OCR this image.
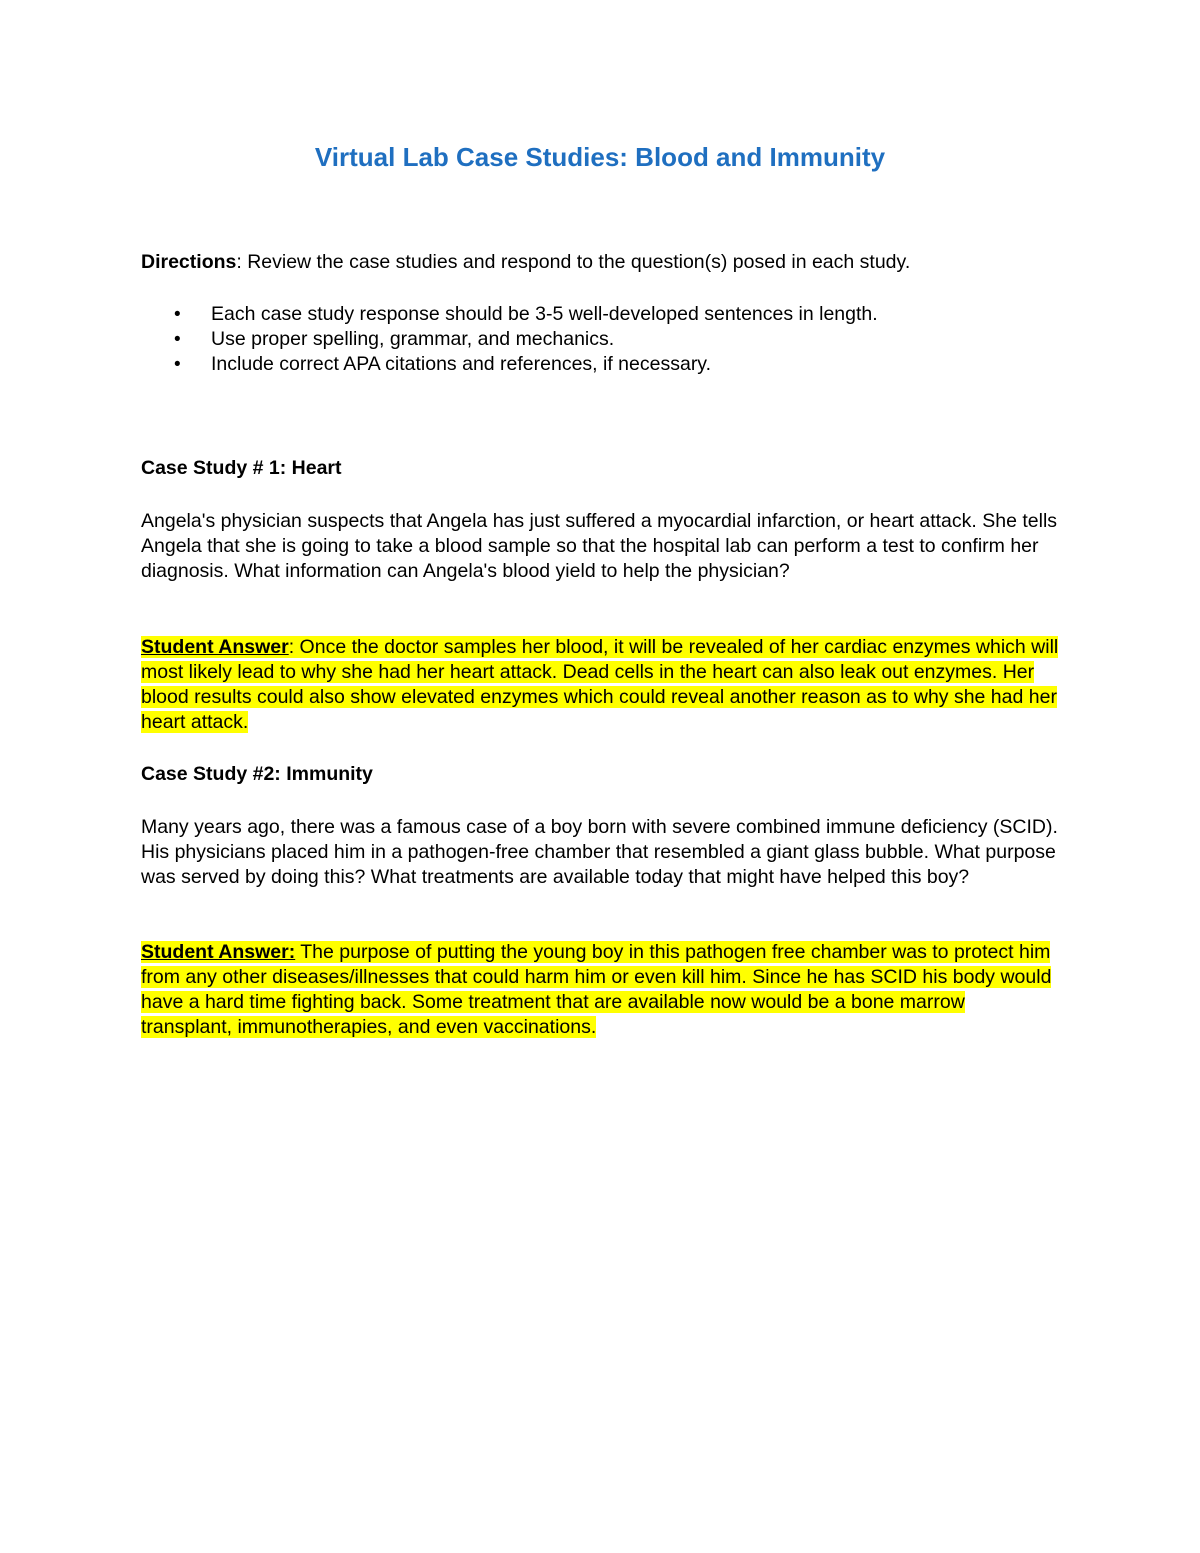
Virtual Lab Case Studies: Blood and Immunity

Directions: Review the case studies and respond to the question(s) posed in each study.

• Each case study response should be 3-5 well-developed sentences in length.
• Use proper spelling, grammar, and mechanics.
• Include correct APA citations and references, if necessary.

Case Study # 1: Heart

Angela's physician suspects that Angela has just suffered a myocardial infarction, or heart attack. She tells Angela that she is going to take a blood sample so that the hospital lab can perform a test to confirm her diagnosis. What information can Angela's blood yield to help the physician?

Student Answer: Once the doctor samples her blood, it will be revealed of her cardiac enzymes which will most likely lead to why she had her heart attack. Dead cells in the heart can also leak out enzymes. Her blood results could also show elevated enzymes which could reveal another reason as to why she had her heart attack.

Case Study #2: Immunity

Many years ago, there was a famous case of a boy born with severe combined immune deficiency (SCID). His physicians placed him in a pathogen-free chamber that resembled a giant glass bubble. What purpose was served by doing this? What treatments are available today that might have helped this boy?

Student Answer: The purpose of putting the young boy in this pathogen free chamber was to protect him from any other diseases/illnesses that could harm him or even kill him. Since he has SCID his body would have a hard time fighting back. Some treatment that are available now would be a bone marrow transplant, immunotherapies, and even vaccinations.
